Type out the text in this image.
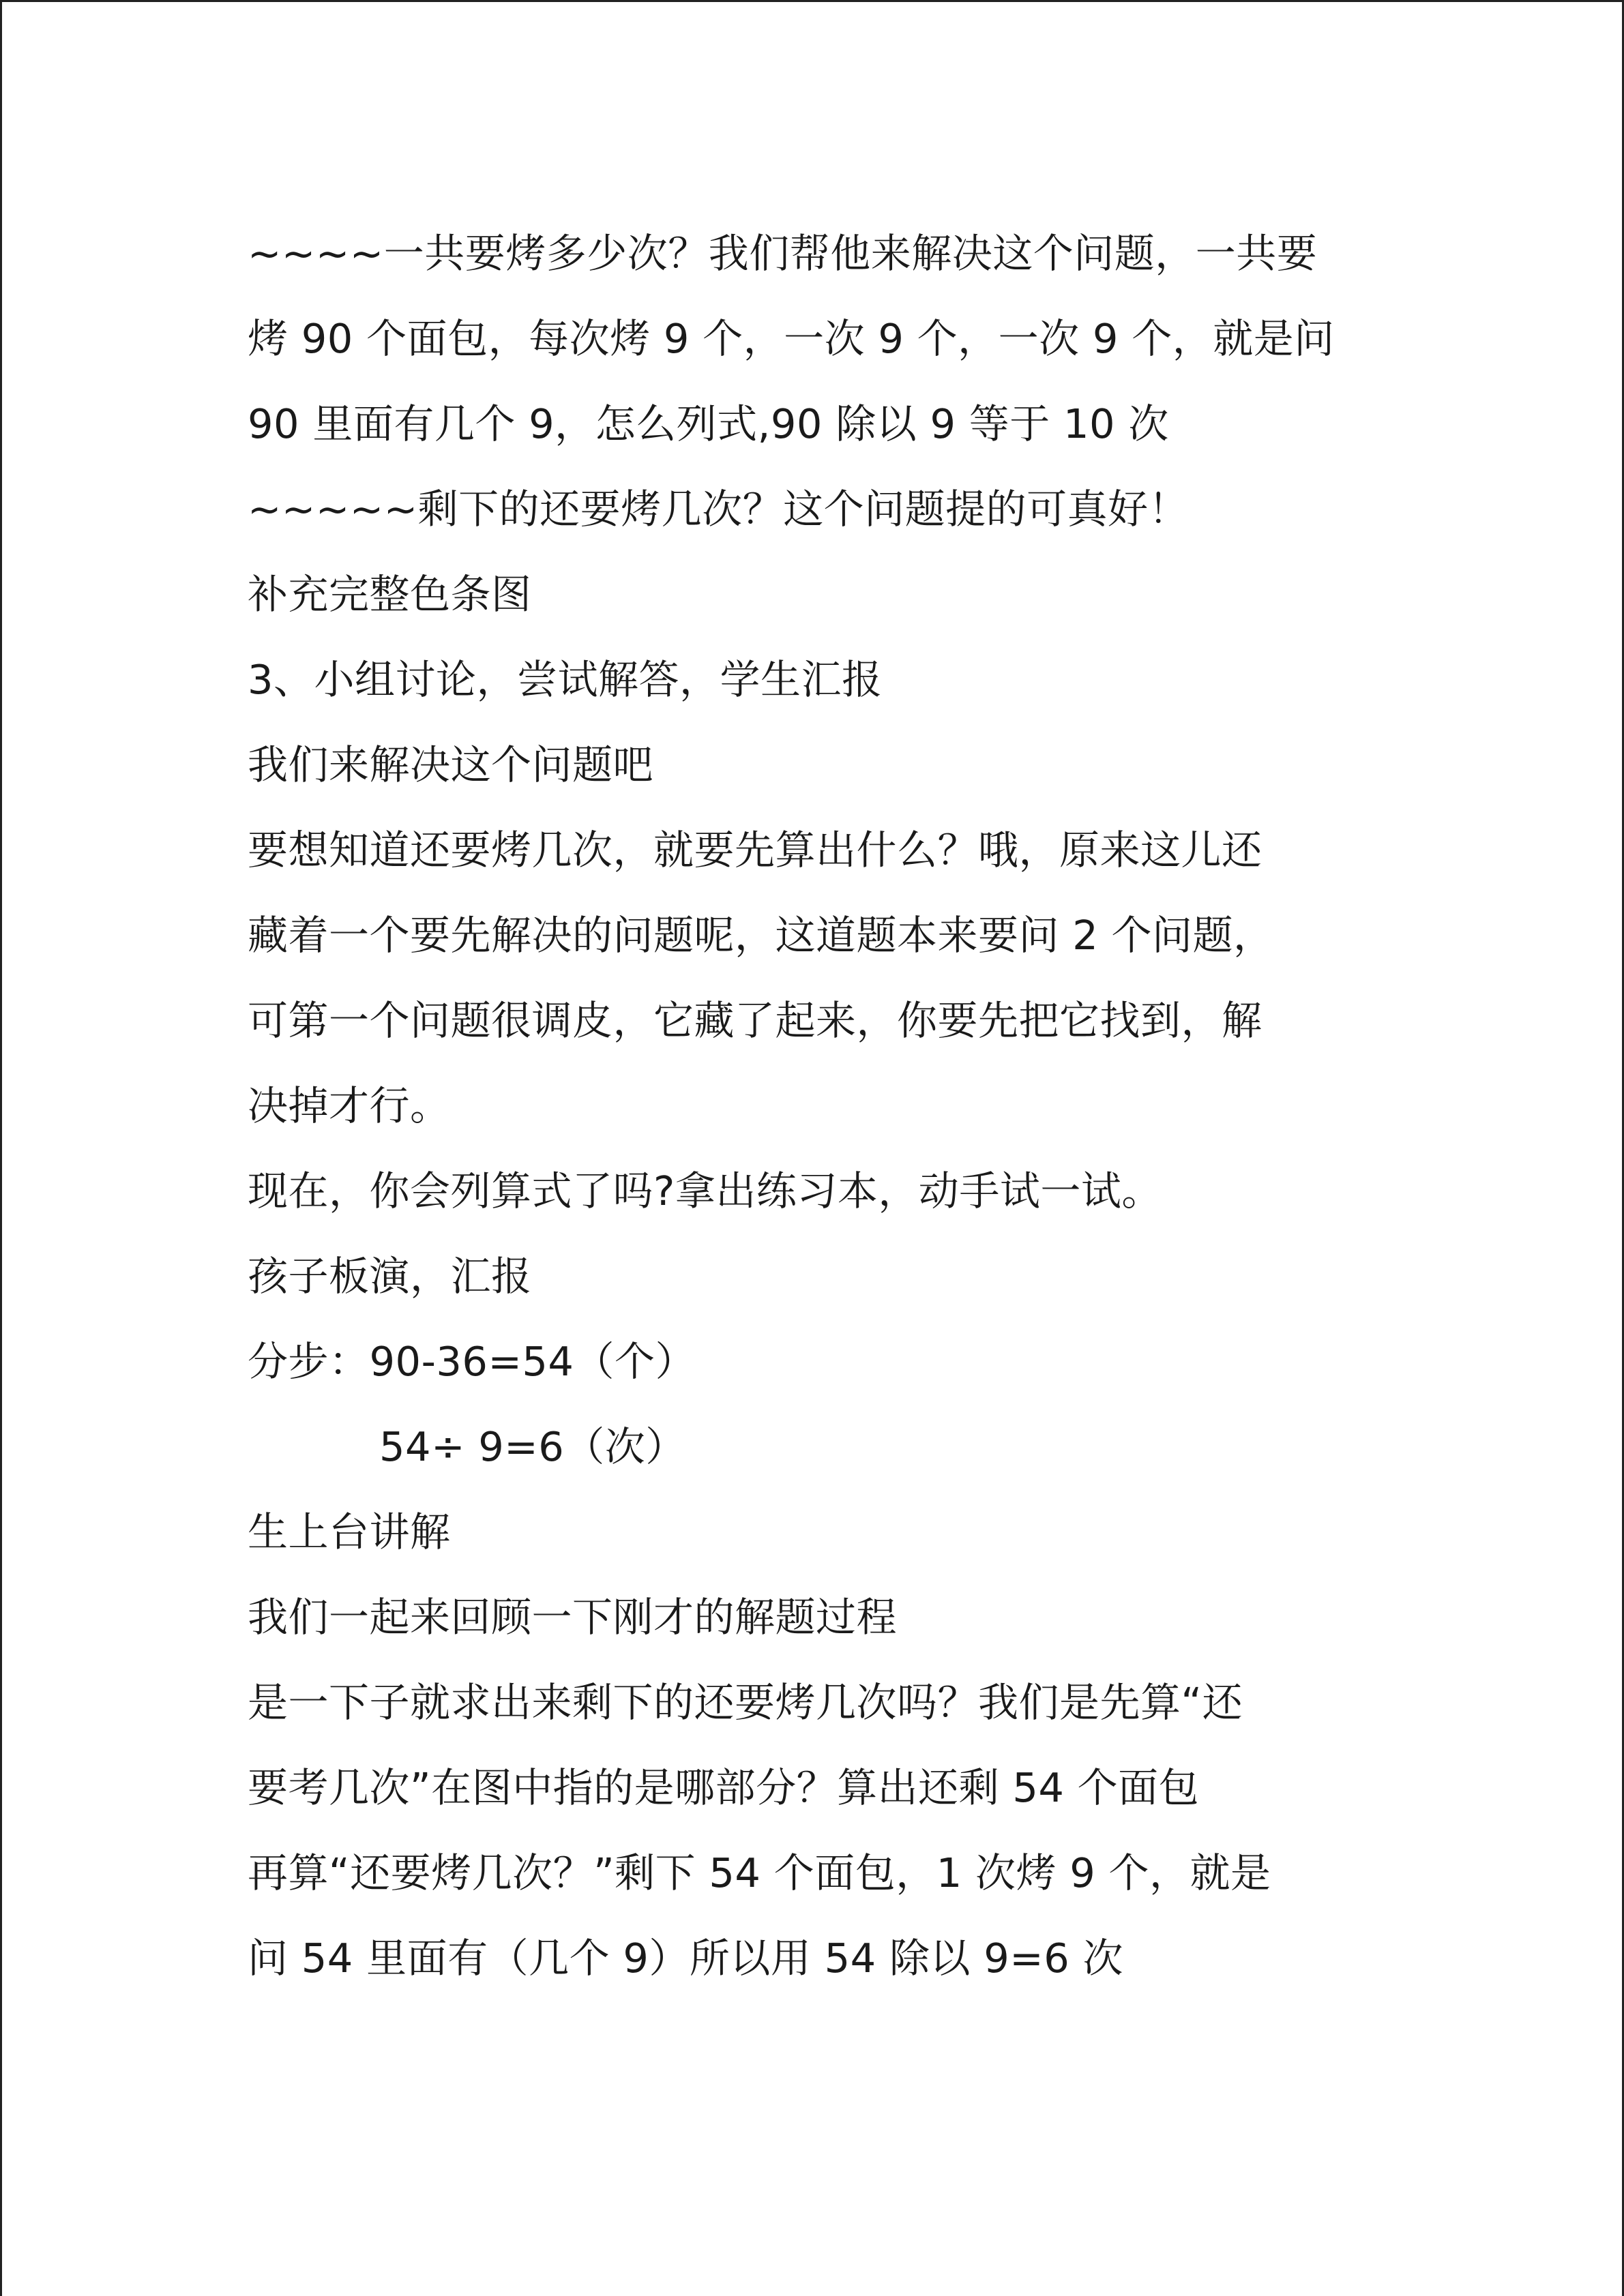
~~~~一共要烤多少次？我们帮他来解决这个问题，一共要
烤 90 个面包，每次烤 9 个，一次 9 个，一次 9 个，就是问
90 里面有几个 9，怎么列式,90 除以 9 等于 10 次
~~~~~剩下的还要烤几次？这个问题提的可真好！
补充完整色条图
3、小组讨论，尝试解答，学生汇报
我们来解决这个问题吧
要想知道还要烤几次，就要先算出什么？哦，原来这儿还
藏着一个要先解决的问题呢，这道题本来要问 2 个问题，
可第一个问题很调皮，它藏了起来，你要先把它找到，解
决掉才行。
现在，你会列算式了吗?拿出练习本，动手试一试。
孩子板演，汇报
分步：90-36=54（个）
54÷ 9=6（次）
生上台讲解
我们一起来回顾一下刚才的解题过程
是一下子就求出来剩下的还要烤几次吗？我们是先算“还
要考几次”在图中指的是哪部分？算出还剩 54 个面包
再算“还要烤几次？”剩下 54 个面包，1 次烤 9 个，就是
问 54 里面有（几个 9）所以用 54 除以 9=6 次
